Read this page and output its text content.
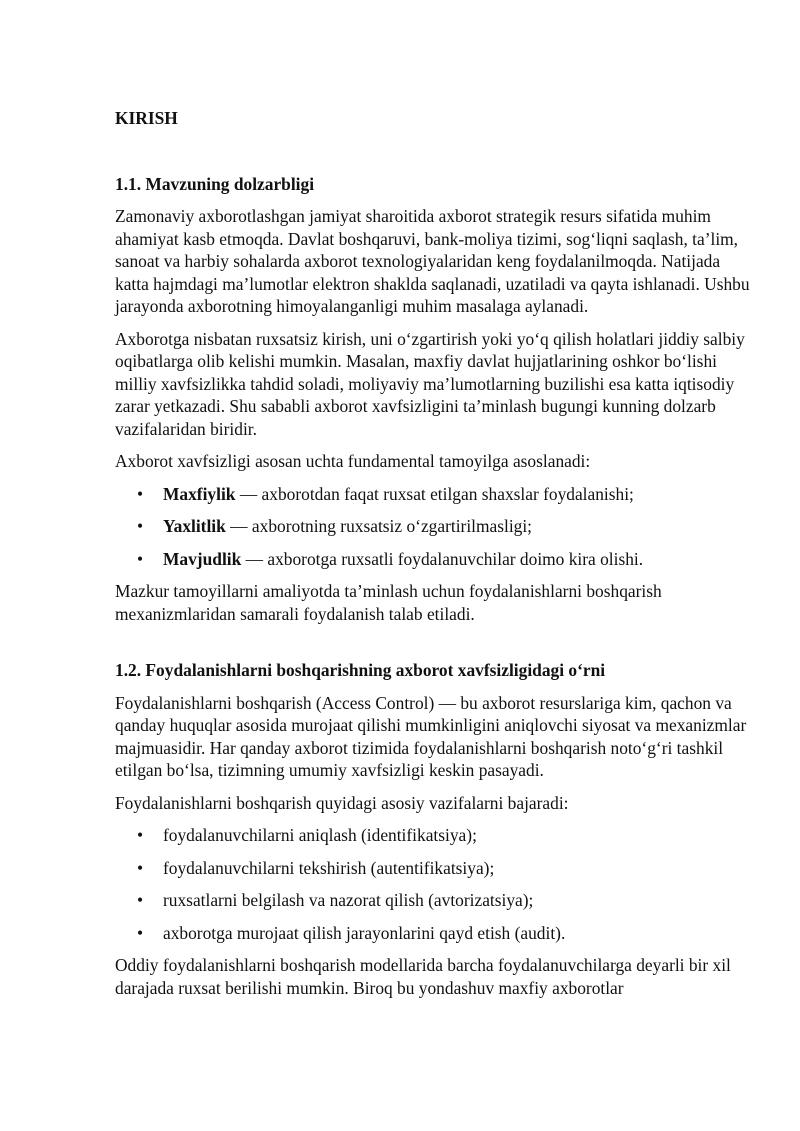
KIRISH
1.1. Mavzuning dolzarbligi

Zamonaviy axborotlashgan jamiyat sharoitida axborot strategik resurs sifatida muhim ahamiyat kasb etmoqda. Davlat boshqaruvi, bank-moliya tizimi, sog‘liqni saqlash, ta’lim, sanoat va harbiy sohalarda axborot texnologiyalaridan keng foydalanilmoqda. Natijada katta hajmdagi ma’lumotlar elektron shaklda saqlanadi, uzatiladi va qayta ishlanadi. Ushbu jarayonda axborotning himoyalanganligi muhim masalaga aylanadi.

Axborotga nisbatan ruxsatsiz kirish, uni o‘zgartirish yoki yo‘q qilish holatlari jiddiy salbiy oqibatlarga olib kelishi mumkin. Masalan, maxfiy davlat hujjatlarining oshkor bo‘lishi milliy xavfsizlikka tahdid soladi, moliyaviy ma’lumotlarning buzilishi esa katta iqtisodiy zarar yetkazadi. Shu sababli axborot xavfsizligini ta’minlash bugungi kunning dolzarb vazifalaridan biridir.

Axborot xavfsizligi asosan uchta fundamental tamoyilga asoslanadi:

• Maxfiylik — axborotdan faqat ruxsat etilgan shaxslar foydalanishi;
• Yaxlitlik — axborotning ruxsatsiz o‘zgartirilmasligi;
• Mavjudlik — axborotga ruxsatli foydalanuvchilar doimo kira olishi.

Mazkur tamoyillarni amaliyotda ta’minlash uchun foydalanishlarni boshqarish mexanizmlaridan samarali foydalanish talab etiladi.

1.2. Foydalanishlarni boshqarishning axborot xavfsizligidagi o‘rni

Foydalanishlarni boshqarish (Access Control) — bu axborot resurslariga kim, qachon va qanday huquqlar asosida murojaat qilishi mumkinligini aniqlovchi siyosat va mexanizmlar majmuasidir. Har qanday axborot tizimida foydalanishlarni boshqarish noto‘g‘ri tashkil etilgan bo‘lsa, tizimning umumiy xavfsizligi keskin pasayadi.

Foydalanishlarni boshqarish quyidagi asosiy vazifalarni bajaradi:

• foydalanuvchilarni aniqlash (identifikatsiya);
• foydalanuvchilarni tekshirish (autentifikatsiya);
• ruxsatlarni belgilash va nazorat qilish (avtorizatsiya);
• axborotga murojaat qilish jarayonlarini qayd etish (audit).

Oddiy foydalanishlarni boshqarish modellarida barcha foydalanuvchilarga deyarli bir xil darajada ruxsat berilishi mumkin. Biroq bu yondashuv maxfiy axborotlar
